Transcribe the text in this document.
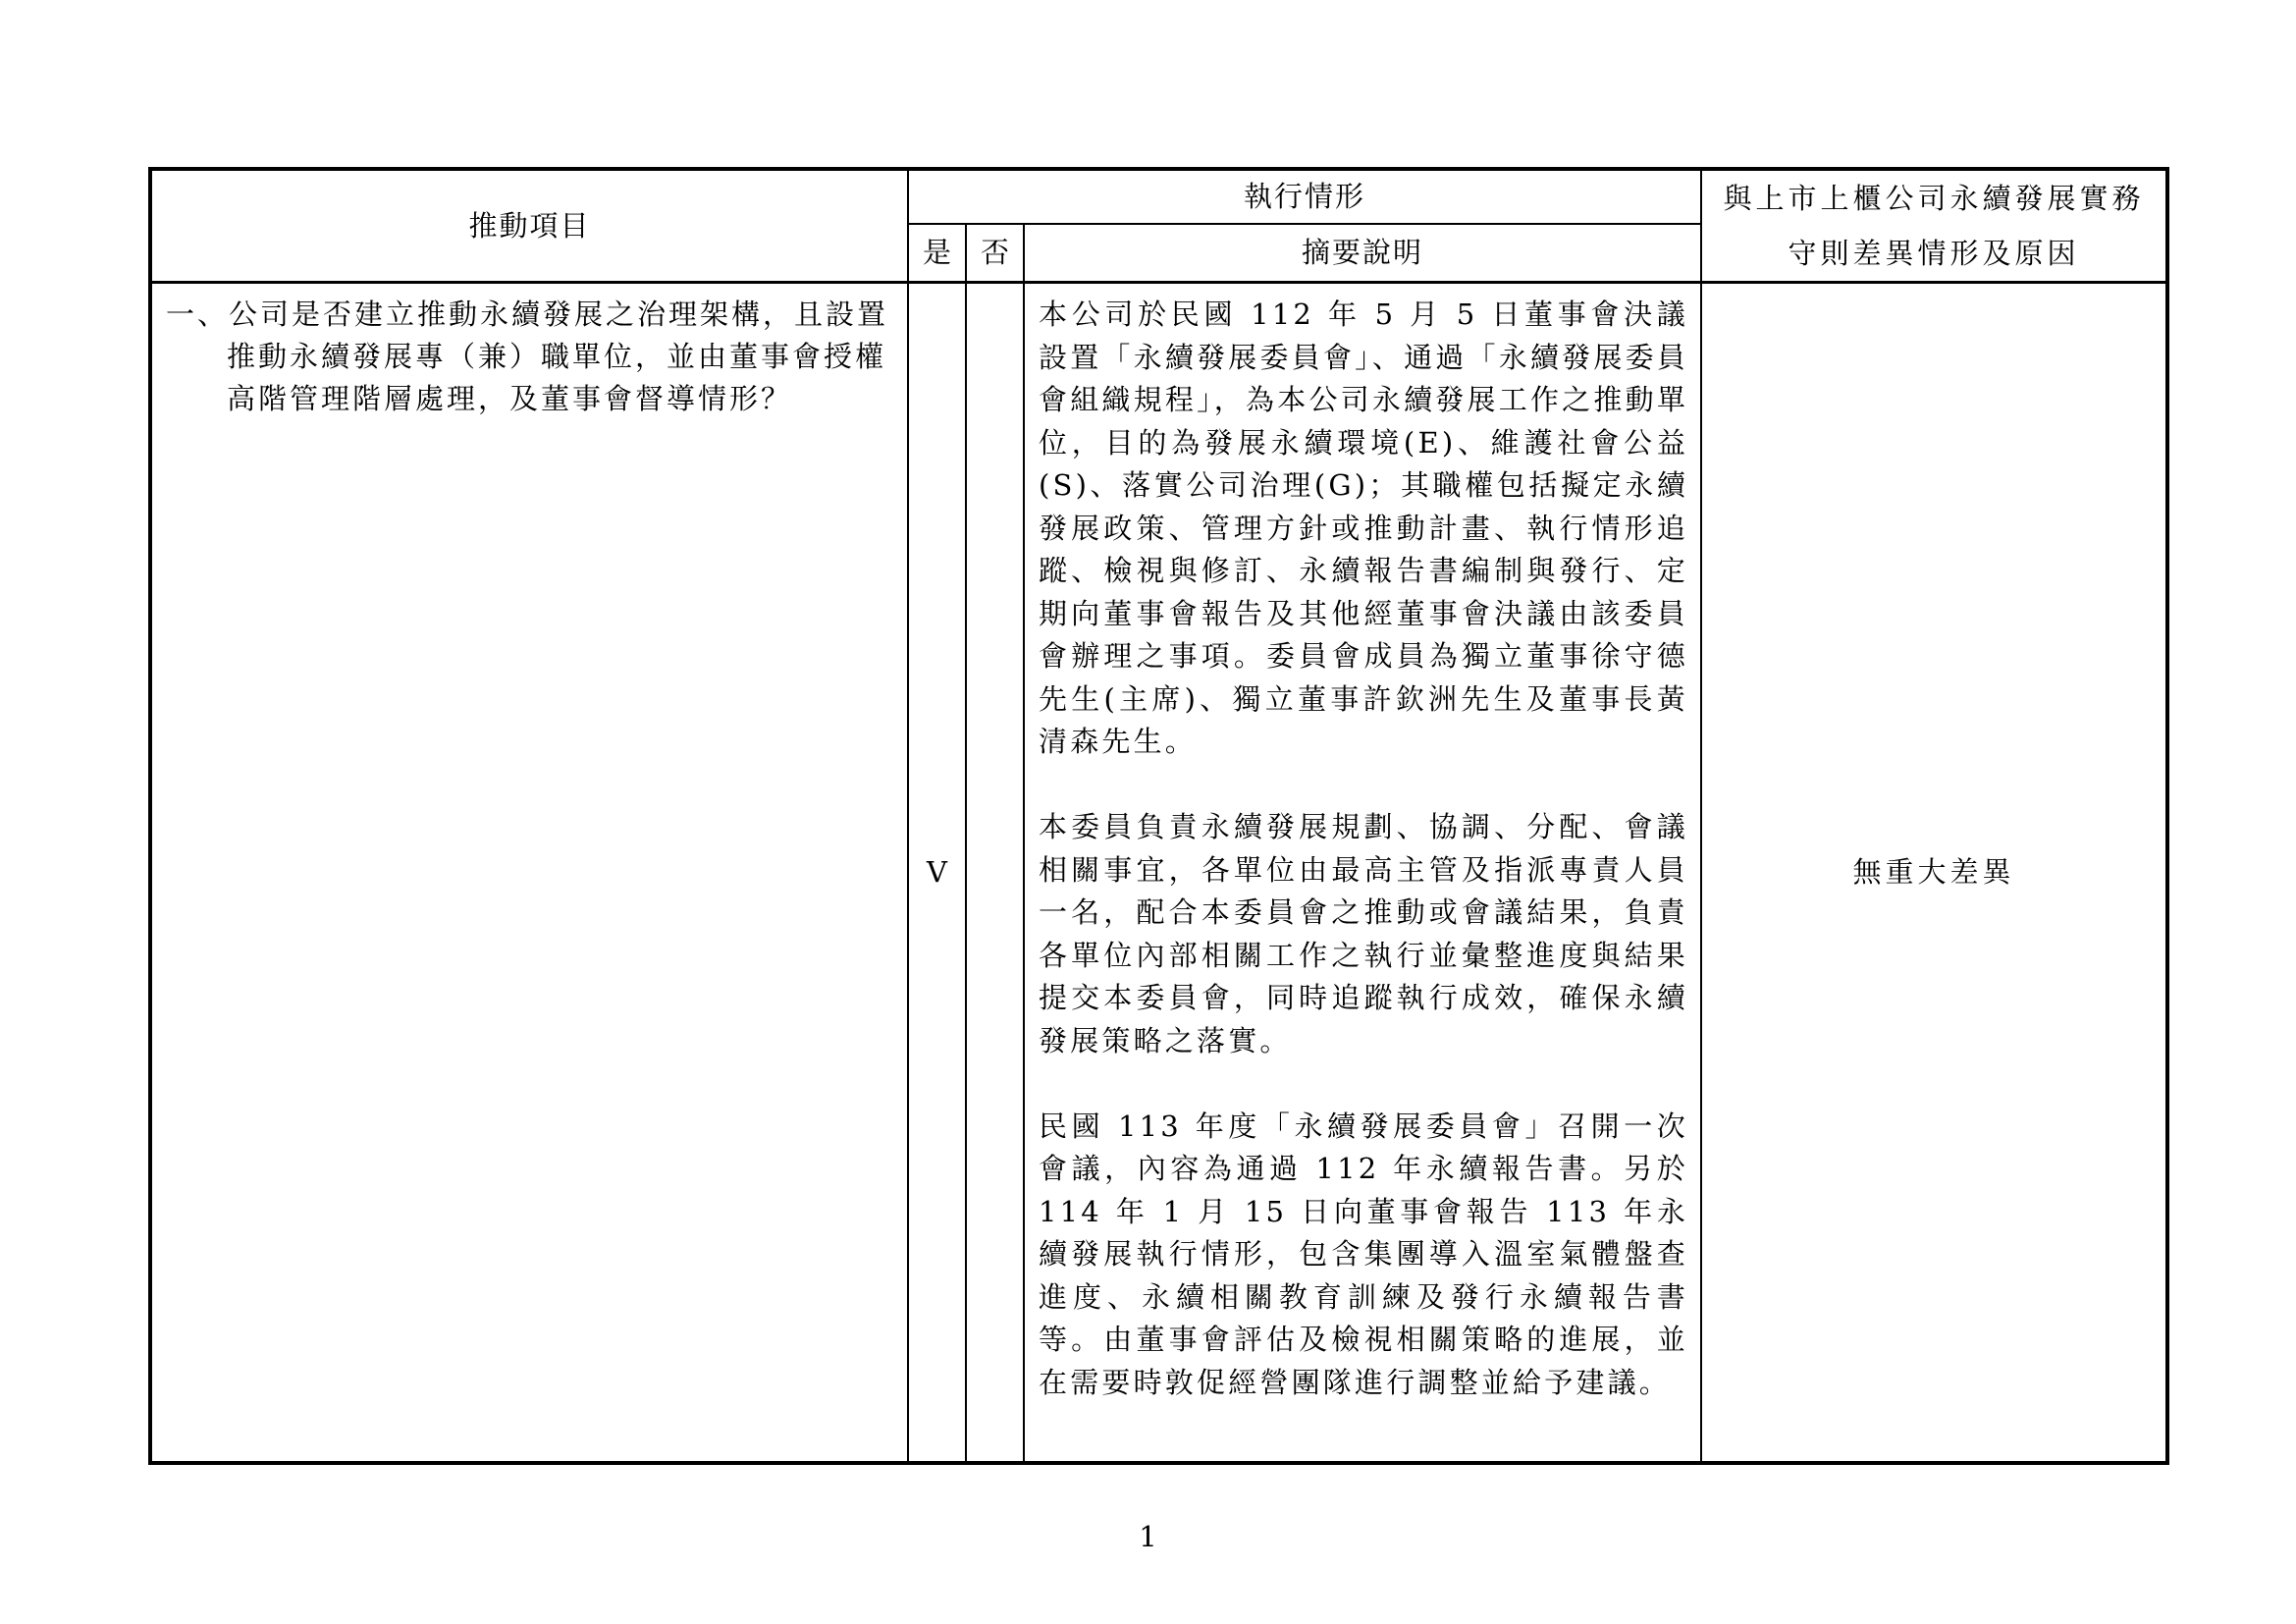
推動項目	執行情形			與上市上櫃公司永續發展實務守則差異情形及原因
	是	否	摘要說明	

一、公司是否建立推動永續發展之治理架構，且設置推動永續發展專（兼）職單位，並由董事會授權高階管理階層處理，及董事會督導情形？	V		本公司於民國 112 年 5 月 5 日董事會決議設置「永續發展委員會」、通過「永續發展委員會組織規程」，為本公司永續發展工作之推動單位，目的為發展永續環境(E)、維護社會公益(S)、落實公司治理(G)；其職權包括擬定永續發展政策、管理方針或推動計畫、執行情形追蹤、檢視與修訂、永續報告書編制與發行、定期向董事會報告及其他經董事會決議由該委員會辦理之事項。委員會成員為獨立董事徐守德先生(主席)、獨立董事許欽洲先生及董事長黃清森先生。

本委員負責永續發展規劃、協調、分配、會議相關事宜，各單位由最高主管及指派專責人員一名，配合本委員會之推動或會議結果，負責各單位內部相關工作之執行並彙整進度與結果提交本委員會，同時追蹤執行成效，確保永續發展策略之落實。

民國 113 年度「永續發展委員會」召開一次會議，內容為通過 112 年永續報告書。另於 114 年 1 月 15 日向董事會報告 113 年永續發展執行情形，包含集團導入溫室氣體盤查進度、永續相關教育訓練及發行永續報告書等。由董事會評估及檢視相關策略的進展，並在需要時敦促經營團隊進行調整並給予建議。	無重大差異
1
